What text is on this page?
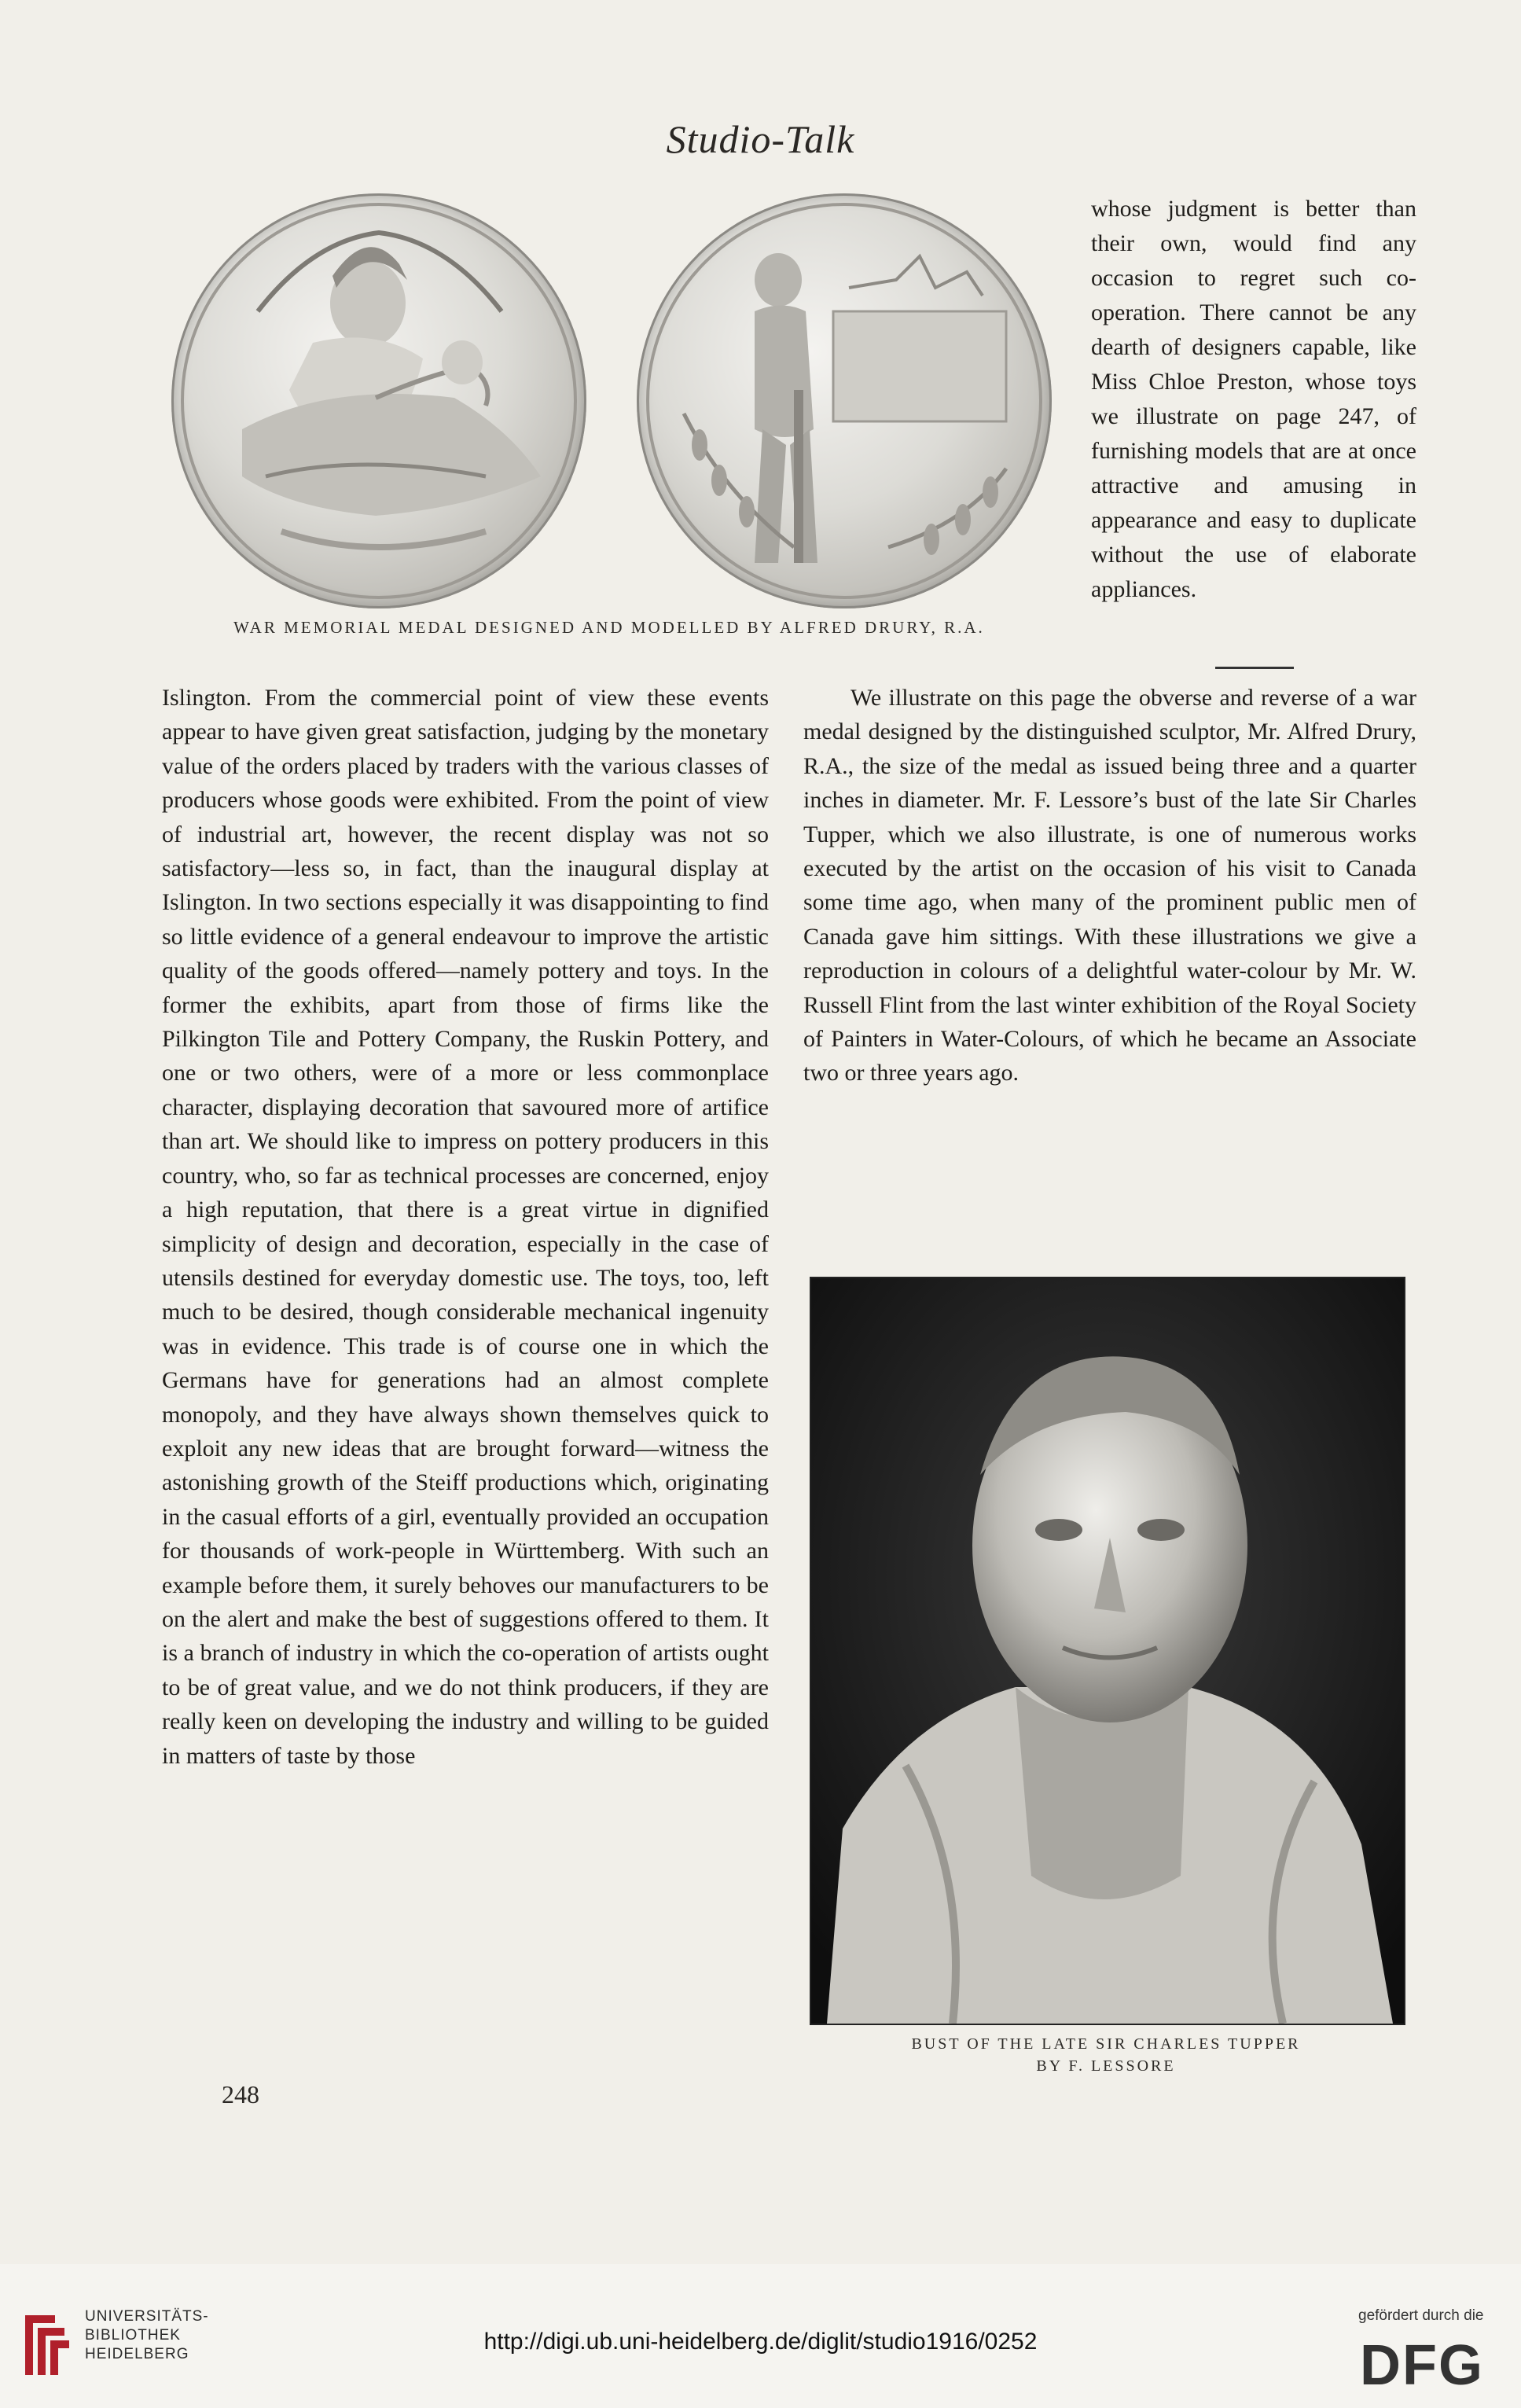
Studio-Talk
WAR MEMORIAL MEDAL DESIGNED AND MODELLED BY ALFRED DRURY, R.A.

whose judgment is better than their own, would find any occasion to regret such co-operation. There cannot be any dearth of designers capable, like Miss Chloe Preston, whose toys we illustrate on page 247, of furnishing models that are at once attractive and amusing in appearance and easy to duplicate without the use of elaborate appliances.

Islington. From the commercial point of view these events appear to have given great satisfaction, judging by the monetary value of the orders placed by traders with the various classes of producers whose goods were exhibited. From the point of view of industrial art, however, the recent display was not so satisfactory—less so, in fact, than the inaugural display at Islington. In two sections especially it was disappointing to find so little evidence of a general endeavour to improve the artistic quality of the goods offered—namely pottery and toys. In the former the exhibits, apart from those of firms like the Pilkington Tile and Pottery Company, the Ruskin Pottery, and one or two others, were of a more or less commonplace character, displaying decoration that savoured more of artifice than art. We should like to impress on pottery producers in this country, who, so far as technical processes are concerned, enjoy a high reputation, that there is a great virtue in dignified simplicity of design and decoration, especially in the case of utensils destined for everyday domestic use. The toys, too, left much to be desired, though considerable mechanical ingenuity was in evidence. This trade is of course one in which the Germans have for generations had an almost complete monopoly, and they have always shown themselves quick to exploit any new ideas that are brought forward—witness the astonishing growth of the Steiff productions which, originating in the casual efforts of a girl, eventually provided an occupation for thousands of work-people in Württemberg. With such an example before them, it surely behoves our manufacturers to be on the alert and make the best of suggestions offered to them. It is a branch of industry in which the co-operation of artists ought to be of great value, and we do not think producers, if they are really keen on developing the industry and willing to be guided in matters of taste by those

We illustrate on this page the obverse and reverse of a war medal designed by the distinguished sculptor, Mr. Alfred Drury, R.A., the size of the medal as issued being three and a quarter inches in diameter. Mr. F. Lessore’s bust of the late Sir Charles Tupper, which we also illustrate, is one of numerous works executed by the artist on the occasion of his visit to Canada some time ago, when many of the prominent public men of Canada gave him sittings. With these illustrations we give a reproduction in colours of a delightful water-colour by Mr. W. Russell Flint from the last winter exhibition of the Royal Society of Painters in Water-Colours, of which he became an Associate two or three years ago.

BUST OF THE LATE SIR CHARLES TUPPER
BY F. LESSORE
248
UNIVERSITÄTS-
BIBLIOTHEK
HEIDELBERG	http://digi.ub.uni-heidelberg.de/diglit/studio1916/0252
gefördert durch die
DFG
